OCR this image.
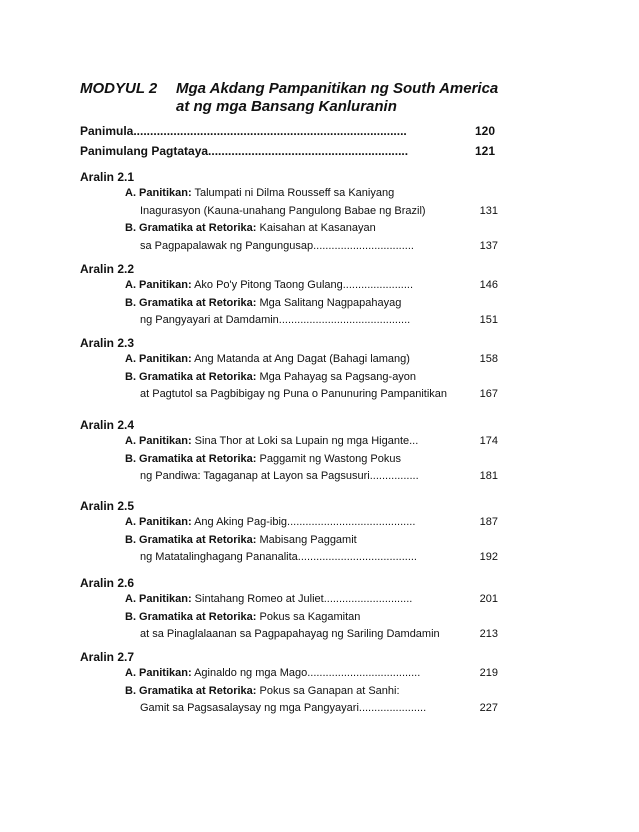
MODYUL 2 Mga Akdang Pampanitikan ng South America
at ng mga Bansang Kanluranin
Panimula..................................................................................	120
Panimulang Pagtataya............................................................	121
Aralin 2.1
A. Panitikan: Talumpati ni Dilma Rousseff sa Kaniyang
Inagurasyon (Kauna-unahang Pangulong Babae ng Brazil)	131
B. Gramatika at Retorika: Kaisahan at Kasanayan
sa Pagpapalawak ng Pangungusap.................................	137
Aralin 2.2
A. Panitikan: Ako Po'y Pitong Taong Gulang.......................	146
B. Gramatika at Retorika: Mga Salitang Nagpapahayag
ng Pangyayari at Damdamin...........................................	151
Aralin 2.3
A. Panitikan: Ang Matanda at Ang Dagat (Bahagi lamang)	158
B. Gramatika at Retorika: Mga Pahayag sa Pagsang-ayon
at Pagtutol sa Pagbibigay ng Puna o Panunuring Pampanitikan	167
Aralin 2.4
A. Panitikan: Sina Thor at Loki sa Lupain ng mga Higante...	174
B. Gramatika at Retorika: Paggamit ng Wastong Pokus
ng Pandiwa: Tagaganap at Layon sa Pagsusuri................	181
Aralin 2.5
A. Panitikan: Ang Aking Pag-ibig..........................................	187
B. Gramatika at Retorika: Mabisang Paggamit
ng Matatalinghagang Pananalita.......................................	192
Aralin 2.6
A. Panitikan: Sintahang Romeo at Juliet.............................	201
B. Gramatika at Retorika: Pokus sa Kagamitan
at sa Pinaglalaanan sa Pagpapahayag ng Sariling Damdamin	213
Aralin 2.7
A. Panitikan: Aginaldo ng mga Mago.....................................	219
B. Gramatika at Retorika: Pokus sa Ganapan at Sanhi:
Gamit sa Pagsasalaysay ng mga Pangyayari......................	227
